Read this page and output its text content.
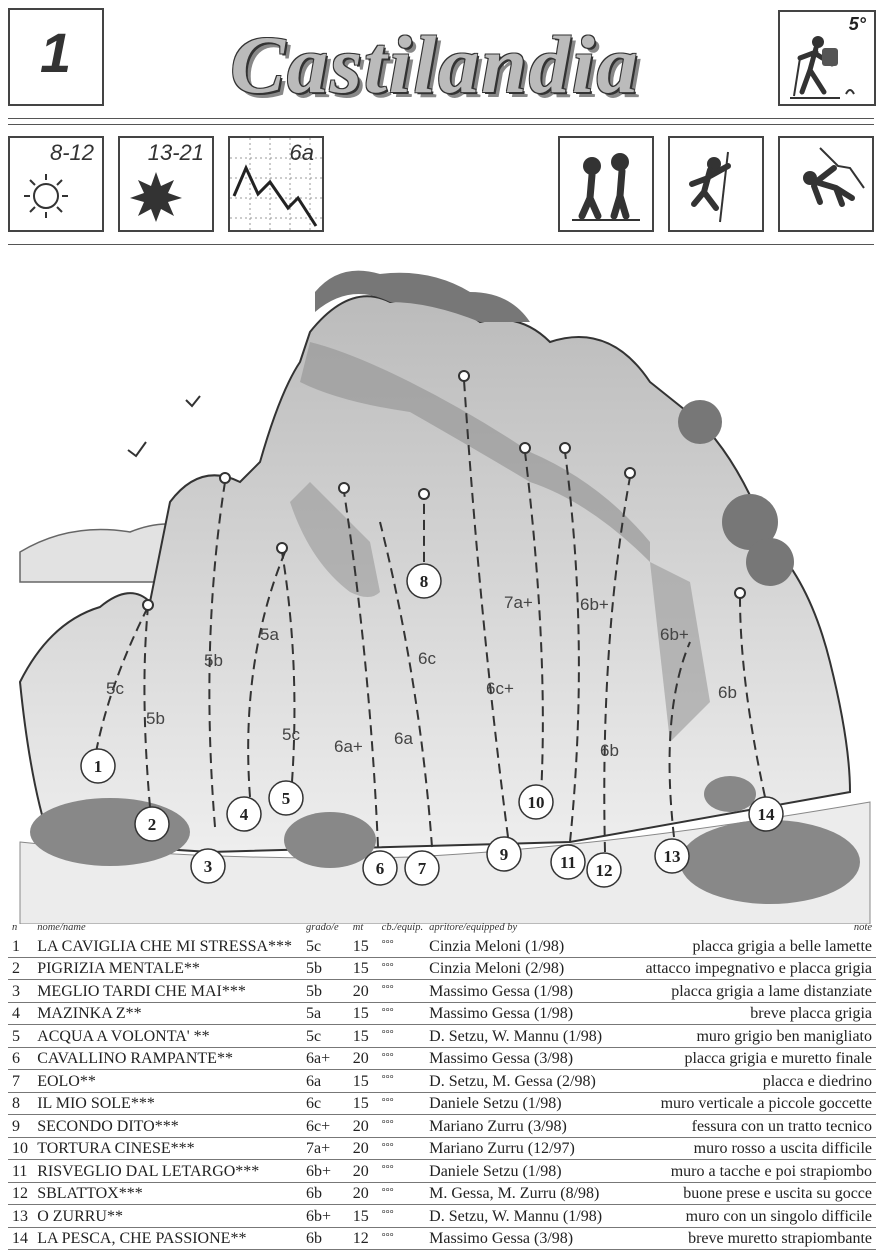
1	Castilandia	5°
8-12 13-21	6a
5c
5b
5b
5a
5c
6a+ 6a
6c
6c+
7a+	6b+
6b
6b+
6b
1
2
3
4
5
6 7
8
9
10
11 12
13
14
n	nome/name	grado/e	mt	cb./equip.	apritore/equipped by	note
1	LA CAVIGLIA CHE MI STRESSA***	5c	15	°°°	Cinzia Meloni (1/98)	placca grigia a belle lamette
2	PIGRIZIA MENTALE**	5b	15	°°°	Cinzia Meloni (2/98)	attacco impegnativo e placca grigia
3	MEGLIO TARDI CHE MAI***	5b	20	°°°	Massimo Gessa (1/98)	placca grigia a lame distanziate
4	MAZINKA Z**	5a	15	°°°	Massimo Gessa (1/98)	breve placca grigia
5	ACQUA A VOLONTA' **	5c	15	°°°	D. Setzu, W. Mannu (1/98)	muro grigio ben manigliato
6	CAVALLINO RAMPANTE**	6a+	20	°°°	Massimo Gessa (3/98)	placca grigia e muretto finale
7	EOLO**	6a	15	°°°	D. Setzu, M. Gessa (2/98)	placca e diedrino
8	IL MIO SOLE***	6c	15	°°°	Daniele Setzu (1/98)	muro verticale a piccole goccette
9	SECONDO DITO***	6c+	20	°°°	Mariano Zurru (3/98)	fessura con un tratto tecnico
10	TORTURA CINESE***	7a+	20	°°°	Mariano Zurru (12/97)	muro rosso a uscita difficile
11	RISVEGLIO DAL LETARGO***	6b+	20	°°°	Daniele Setzu (1/98)	muro a tacche e poi strapiombo
12	SBLATTOX***	6b	20	°°°	M. Gessa, M. Zurru (8/98)	buone prese e uscita su gocce
13	O ZURRU**	6b+	15	°°°	D. Setzu, W. Mannu (1/98)	muro con un singolo difficile
14	LA PESCA, CHE PASSIONE**	6b	12	°°°	Massimo Gessa (3/98)	breve muretto strapiombante
